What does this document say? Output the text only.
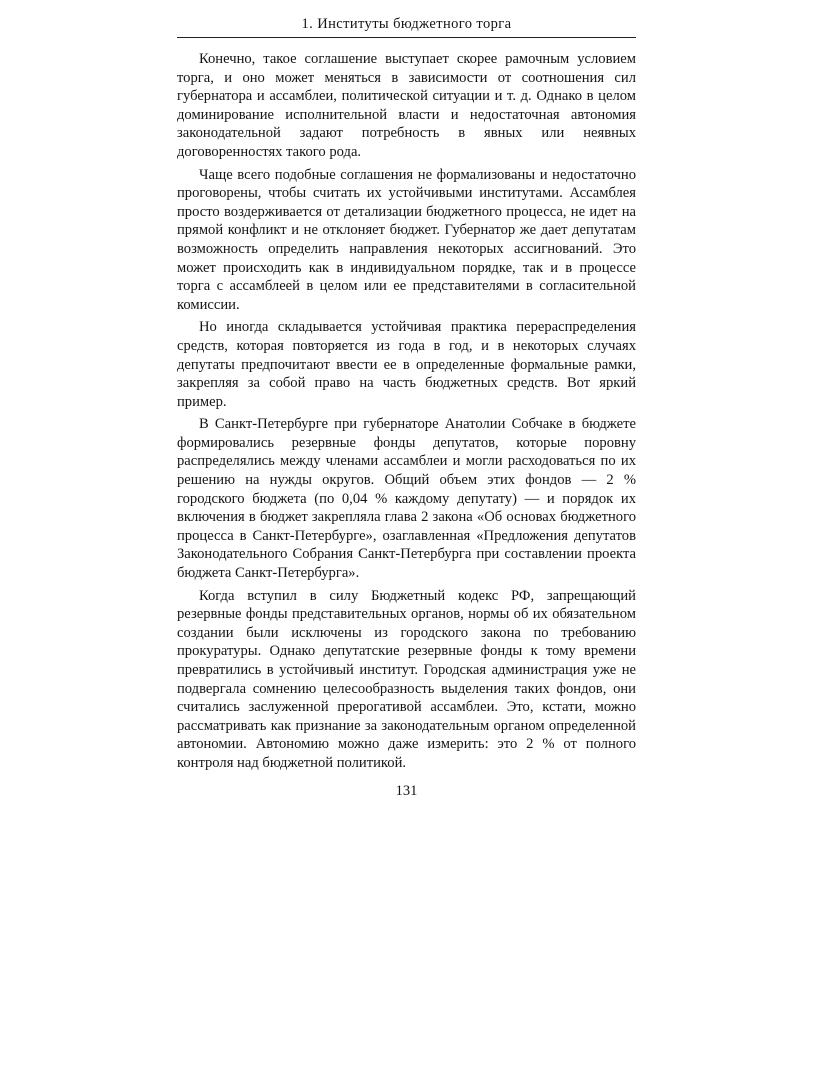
1. Институты бюджетного торга

Конечно, такое соглашение выступает скорее рамочным условием торга, и оно может меняться в зависимости от соотношения сил губернатора и ассамблеи, политической ситуации и т. д. Однако в целом доминирование исполнительной власти и недостаточная автономия законодательной задают потребность в явных или неявных договоренностях такого рода.

Чаще всего подобные соглашения не формализованы и недостаточно проговорены, чтобы считать их устойчивыми институтами. Ассамблея просто воздерживается от детализации бюджетного процесса, не идет на прямой конфликт и не отклоняет бюджет. Губернатор же дает депутатам возможность определить направления некоторых ассигнований. Это может происходить как в индивидуальном порядке, так и в процессе торга с ассамблеей в целом или ее представителями в согласительной комиссии.

Но иногда складывается устойчивая практика перераспределения средств, которая повторяется из года в год, и в некоторых случаях депутаты предпочитают ввести ее в определенные формальные рамки, закрепляя за собой право на часть бюджетных средств. Вот яркий пример.

В Санкт-Петербурге при губернаторе Анатолии Собчаке в бюджете формировались резервные фонды депутатов, которые поровну распределялись между членами ассамблеи и могли расходоваться по их решению на нужды округов. Общий объем этих фондов — 2 % городского бюджета (по 0,04 % каждому депутату) — и порядок их включения в бюджет закрепляла глава 2 закона «Об основах бюджетного процесса в Санкт-Петербурге», озаглавленная «Предложения депутатов Законодательного Собрания Санкт-Петербурга при составлении проекта бюджета Санкт-Петербурга».

Когда вступил в силу Бюджетный кодекс РФ, запрещающий резервные фонды представительных органов, нормы об их обязательном создании были исключены из городского закона по требованию прокуратуры. Однако депутатские резервные фонды к тому времени превратились в устойчивый институт. Городская администрация уже не подвергала сомнению целесообразность выделения таких фондов, они считались заслуженной прерогативой ассамблеи. Это, кстати, можно рассматривать как признание за законодательным органом определенной автономии. Автономию можно даже измерить: это 2 % от полного контроля над бюджетной политикой.

131
